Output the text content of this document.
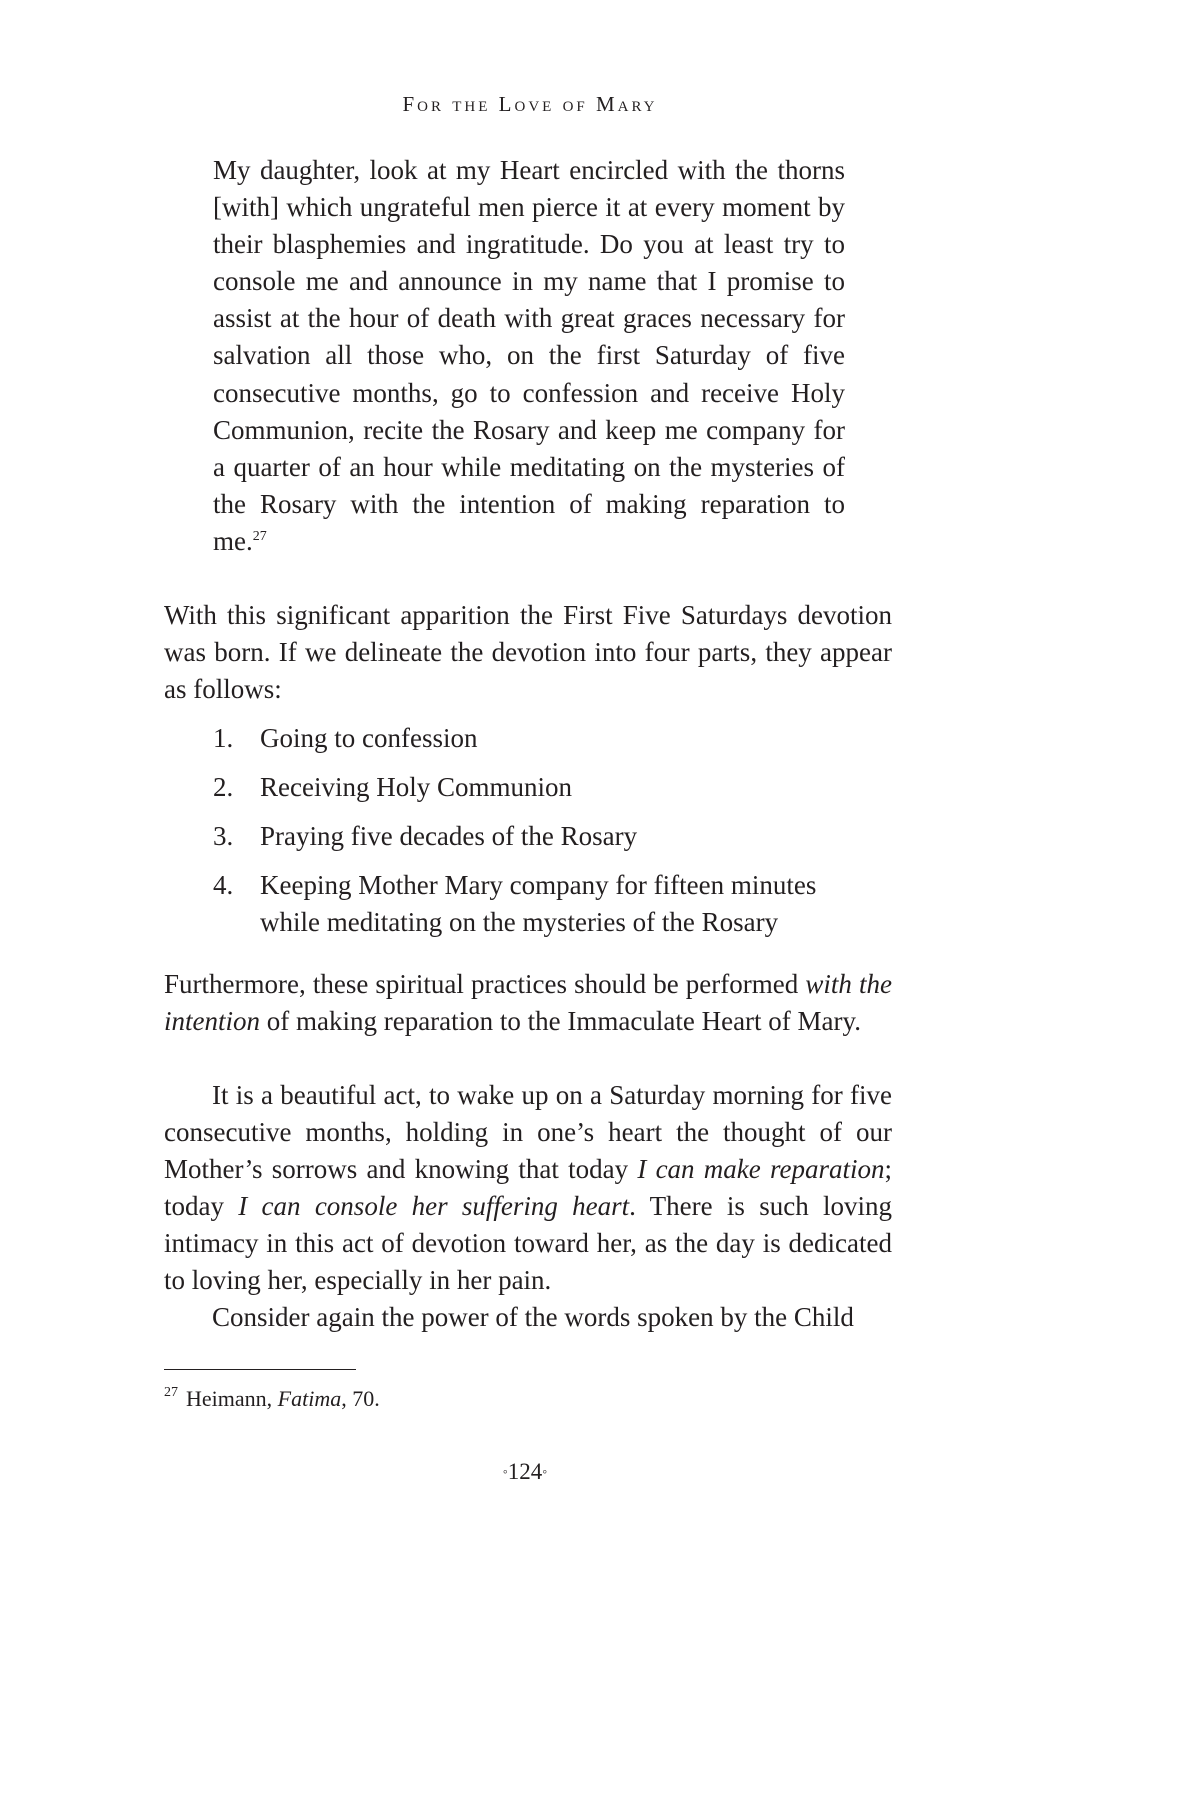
For the Love of Mary
My daughter, look at my Heart encircled with the thorns [with] which ungrateful men pierce it at every moment by their blasphemies and ingratitude. Do you at least try to console me and announce in my name that I promise to assist at the hour of death with great graces necessary for salvation all those who, on the first Saturday of five consecutive months, go to confession and receive Holy Communion, recite the Rosary and keep me company for a quarter of an hour while meditating on the mysteries of the Rosary with the intention of making reparation to me.$^{27}$

With this significant apparition the First Five Saturdays devotion was born. If we delineate the devotion into four parts, they appear as follows:

1. Going to confession
2. Receiving Holy Communion
3. Praying five decades of the Rosary
4. Keeping Mother Mary company for fifteen minutes while meditating on the mysteries of the Rosary

Furthermore, these spiritual practices should be performed with the intention of making reparation to the Immaculate Heart of Mary.

It is a beautiful act, to wake up on a Saturday morning for five consecutive months, holding in one’s heart the thought of our Mother’s sorrows and knowing that today I can make reparation; today I can console her suffering heart. There is such loving intimacy in this act of devotion toward her, as the day is dedicated to loving her, especially in her pain.

Consider again the power of the words spoken by the Child

$^{27}$ Heimann, Fatima, 70.
◦124◦
